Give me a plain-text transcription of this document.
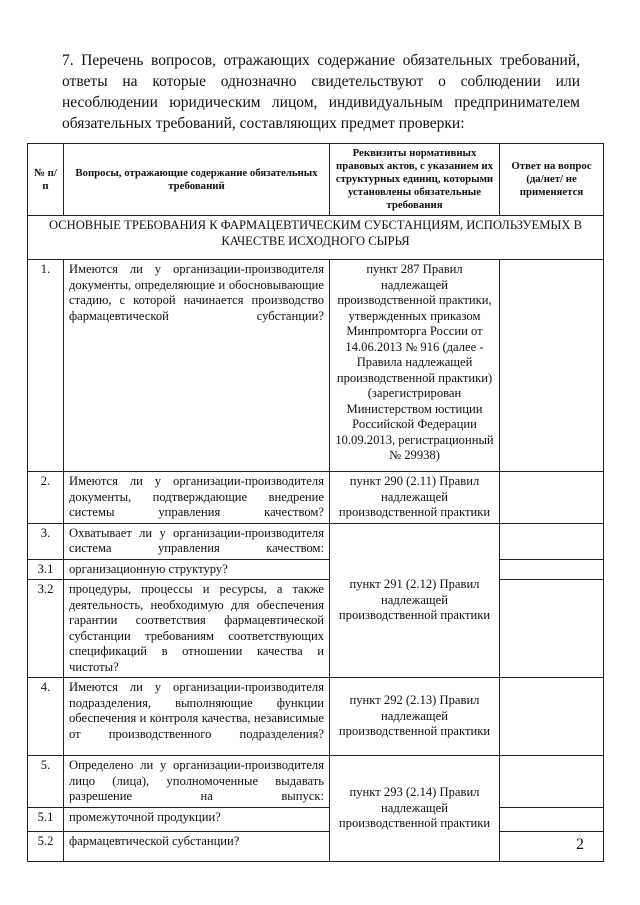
7. Перечень вопросов, отражающих содержание обязательных требований, ответы на которые однозначно свидетельствуют о соблюдении или несоблюдении юридическим лицом, индивидуальным предпринимателем обязательных требований, составляющих предмет проверки:

№ п/п	Вопросы, отражающие содержание обязательных требований	Реквизиты нормативных правовых актов, с указанием их структурных единиц, которыми установлены обязательные требования	Ответ на вопрос (да/нет/ не применяется
ОСНОВНЫЕ ТРЕБОВАНИЯ К ФАРМАЦЕВТИЧЕСКИМ СУБСТАНЦИЯМ, ИСПОЛЬЗУЕМЫХ В КАЧЕСТВЕ ИСХОДНОГО СЫРЬЯ			
1.	Имеются ли у организации-производителя документы, определяющие и обосновывающие стадию, с которой начинается производство фармацевтической субстанции?	пункт 287 Правил надлежащей производственной практики, утвержденных приказом Минпромторга России от 14.06.2013 № 916 (далее - Правила надлежащей производственной практики) (зарегистрирован Министерством юстиции Российской Федерации 10.09.2013, регистрационный № 29938)	
2.	Имеются ли у организации-производителя документы, подтверждающие внедрение системы управления качеством?	пункт 290 (2.11) Правил надлежащей производственной практики	
3.	Охватывает ли у организации-производителя система управления качеством:	пункт 291 (2.12) Правил надлежащей производственной практики	
3.1	организационную структуру?		

3.2	процедуры, процессы и ресурсы, а также деятельность, необходимую для обеспечения гарантии соответствия фармацевтической субстанции требованиям соответствующих спецификаций в отношении качества и чистоты?		

4.	Имеются ли у организации-производителя подразделения, выполняющие функции обеспечения и контроля качества, независимые от производственного подразделения?	пункт 292 (2.13) Правил надлежащей производственной практики	
5.	Определено ли у организации-производителя лицо (лица), уполномоченные выдавать разрешение на выпуск:	пункт 293 (2.14) Правил надлежащей производственной практики	
5.1	промежуточной продукции?		

5.2	фармацевтической субстанции?		
		2
